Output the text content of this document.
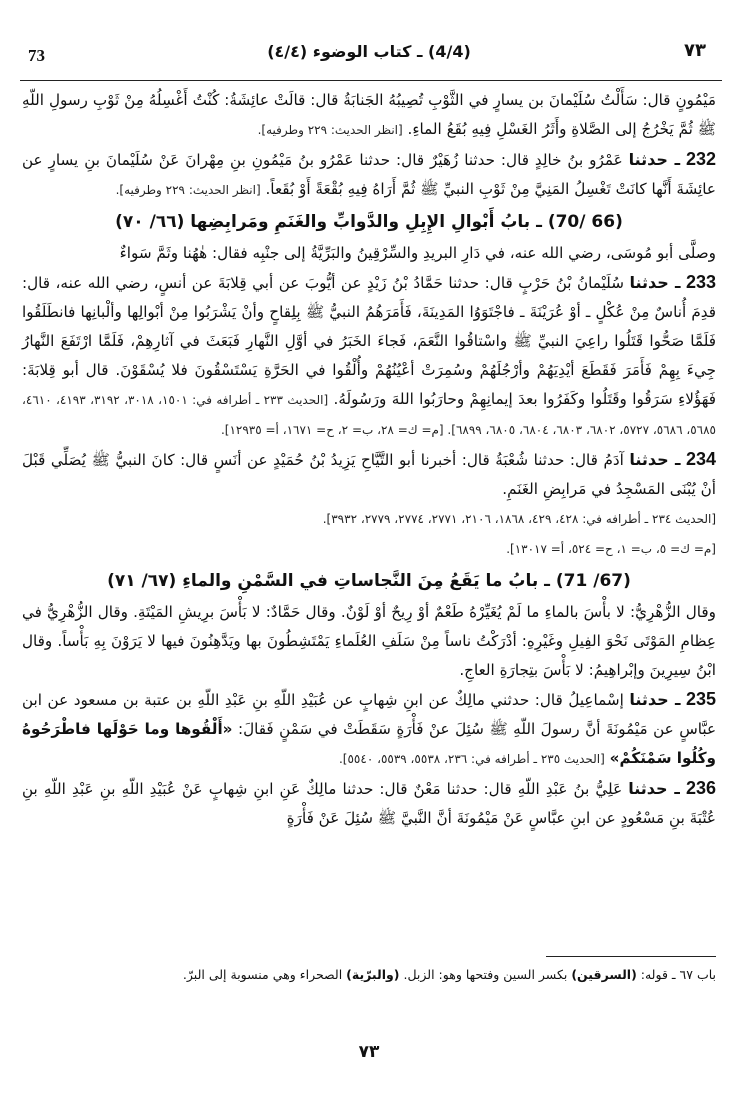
73	(4/4) ـ كتاب الوضوء (٤/٤)	٧٣

مَيْمُونٍ قال: سَأَلْتُ سُلَيْمانَ بن يسارٍ في الثَّوْبِ تُصِيبُهُ الجَنابَةُ قال: قالَتْ عائِشَةُ: كُنْتُ أَغْسِلُهُ مِنْ ثَوْبِ رسولِ اللّهِ ﷺ ثُمَّ يَخْرُجُ إلى الصَّلاةِ وأَثَرُ الغَسْلِ فِيهِ بُقَعُ الماءِ. [انظر الحديث: ٢٢٩ وطرفيه].

232 ـ حدثنا عَمْرُو بنُ خالِدٍ قال: حدثنا زُهَيْرٌ قال: حدثنا عَمْرُو بنُ مَيْمُونِ بنِ مِهْرانَ عَنْ سُلَيْمانَ بنِ يسارٍ عن عائِشَةَ أَنَّها كانَتْ تَغْسِلُ المَنِيَّ مِنْ ثَوْبِ النبيِّ ﷺ ثُمَّ أَرَاهُ فِيهِ بُقْعَةً أَوْ بُقَعاً. [انظر الحديث: ٢٢٩ وطرفيه].

(66 /70) ـ بابُ أَبْوالِ الإِبِلِ والدَّوابِّ والغَنَمِ ومَرابِضِها (٦٦/ ٧٠)

وصلَّى أبو مُوسَى، رضي الله عنه، في دَارِ البريدِ والسِّرْقِينُ والبَرِّيَّةُ إلى جنْبِه فقال: هٰهُنا وثَمَّ سَواءٌ

233 ـ حدثنا سُلَيْمانُ بْنُ حَرْبٍ قال: حدثنا حَمَّادُ بْنُ زَيْدٍ عن أيُّوبَ عن أبي قِلابَةَ عن أنسٍ، رضي الله عنه، قال: قدِمَ أُناسٌ مِنْ عُكْلٍ ـ أوْ عُرَيْنَةَ ـ فاجْتَوَوُا المَدِينَةَ، فَأَمَرَهُمُ النبيُّ ﷺ بِلِقاحٍ وأنْ يَشْرَبُوا مِنْ أبْوالِها وألْبانِها فانطَلَقُوا فَلَمَّا صَحُّوا قَتَلُوا راعِيَ النبيِّ ﷺ واسْتاقُوا النَّعَمَ، فَجاءَ الخَبَرُ في أوَّلِ النَّهارِ فَبَعَثَ في آثارِهِمْ، فَلَمَّا ارْتَفَعَ النَّهارُ جِيءَ بِهِمْ فَأَمَرَ فَقَطَعَ أيْدِيَهُمْ وأرْجُلَهُمْ وسُمِرَتْ أعْيُنُهُمْ وأُلْقُوا في الحَرَّةِ يَسْتَسْقُونَ فلا يُسْقَوْنَ. قال أبو قِلابَةَ: فَهَؤُلاءِ سَرَقُوا وقَتَلُوا وكَفَرُوا بعدَ إيمانِهِمْ وحارَبُوا اللهَ ورَسُولَهُ. [الحديث ٢٣٣ ـ أطرافه في: ١٥٠١، ٣٠١٨، ٣١٩٢، ٤١٩٣، ٤٦١٠، ٥٦٨٥، ٥٦٨٦، ٥٧٢٧، ٦٨٠٢، ٦٨٠٣، ٦٨٠٤، ٦٨٠٥، ٦٨٩٩]. [م= ك= ٢٨، ب= ٢، ح= ١٦٧١، أ= ١٢٩٣٥].

234 ـ حدثنا آدَمُ قال: حدثنا شُعْبَةُ قال: أخبرنا أبو التَّيَّاحِ يَزِيدُ بْنُ حُمَيْدٍ عن أنَسٍ قال: كانَ النبيُّ ﷺ يُصَلِّي قَبْلَ أنْ يُبْنَى المَسْجِدُ في مَرابِضِ الغَنَمِ.
[الحديث ٢٣٤ ـ أطرافه في: ٤٢٨، ٤٢٩، ١٨٦٨، ٢١٠٦، ٢٧٧١، ٢٧٧٤، ٢٧٧٩، ٣٩٣٢].
[م= ك= ٥، ب= ١، ح= ٥٢٤، أ= ١٣٠١٧].

(67/ 71) ـ بابُ ما يَقَعُ مِنَ النَّجاساتِ في السَّمْنِ والماءِ (٦٧/ ٧١)

وقال الزُّهْرِيُّ: لا بأْسَ بالماءِ ما لَمْ يُغَيِّرْهُ طَعْمٌ أوْ رِيحٌ أوْ لَوْنٌ. وقال حَمَّادٌ: لا بَأْسَ برِيشِ المَيْتَةِ. وقال الزُّهْرِيُّ في عِظامِ المَوْتَى نَحْوَ الفِيلِ وغَيْرِهِ: أدْرَكْتُ ناساً مِنْ سَلَفِ العُلَماءِ يَمْتَشِطُونَ بها ويَدَّهِنُونَ فيها لا يَرَوْنَ بِهِ بَأْساً. وقال ابْنُ سِيرِينَ وإبْراهِيمُ: لا بَأْسَ بتِجارَةِ العاجِ.

235 ـ حدثنا إسْماعِيلُ قال: حدثني مالِكٌ عن ابنِ شِهابٍ عن عُبَيْدِ اللّهِ بنِ عَبْدِ اللّهِ بن عتبة بن مسعود عن ابن عبَّاسٍ عن مَيْمُونَةَ أنَّ رسولَ اللّهِ ﷺ سُئِلَ عنْ فَأْرَةٍ سَقَطَتْ في سَمْنٍ فَقالَ: «أَلْقُوها وما حَوْلَها فاطْرَحُوهُ وكُلُوا سَمْنَكُمْ» [الحديث ٢٣٥ ـ أطرافه في: ٢٣٦، ٥٥٣٨، ٥٥٣٩، ٥٥٤٠].

236 ـ حدثنا عَلِيُّ بنُ عَبْدِ اللّهِ قال: حدثنا مَعْنٌ قال: حدثنا مالِكٌ عَنِ ابنِ شِهابٍ عَنْ عُبَيْدِ اللّهِ بنِ عَبْدِ اللّهِ بنِ عُتْبَةَ بنِ مَسْعُودٍ عن ابنِ عبَّاسٍ عَنْ مَيْمُونَةَ أنَّ النَّبيَّ ﷺ سُئِلَ عَنْ فَأْرَةٍ

باب ٦٧ ـ قوله: (السرقين) بكسر السين وفتحها وهو: الزبل. (والبرّية) الصحراء وهي منسوبة إلى البرّ.
٧٣
